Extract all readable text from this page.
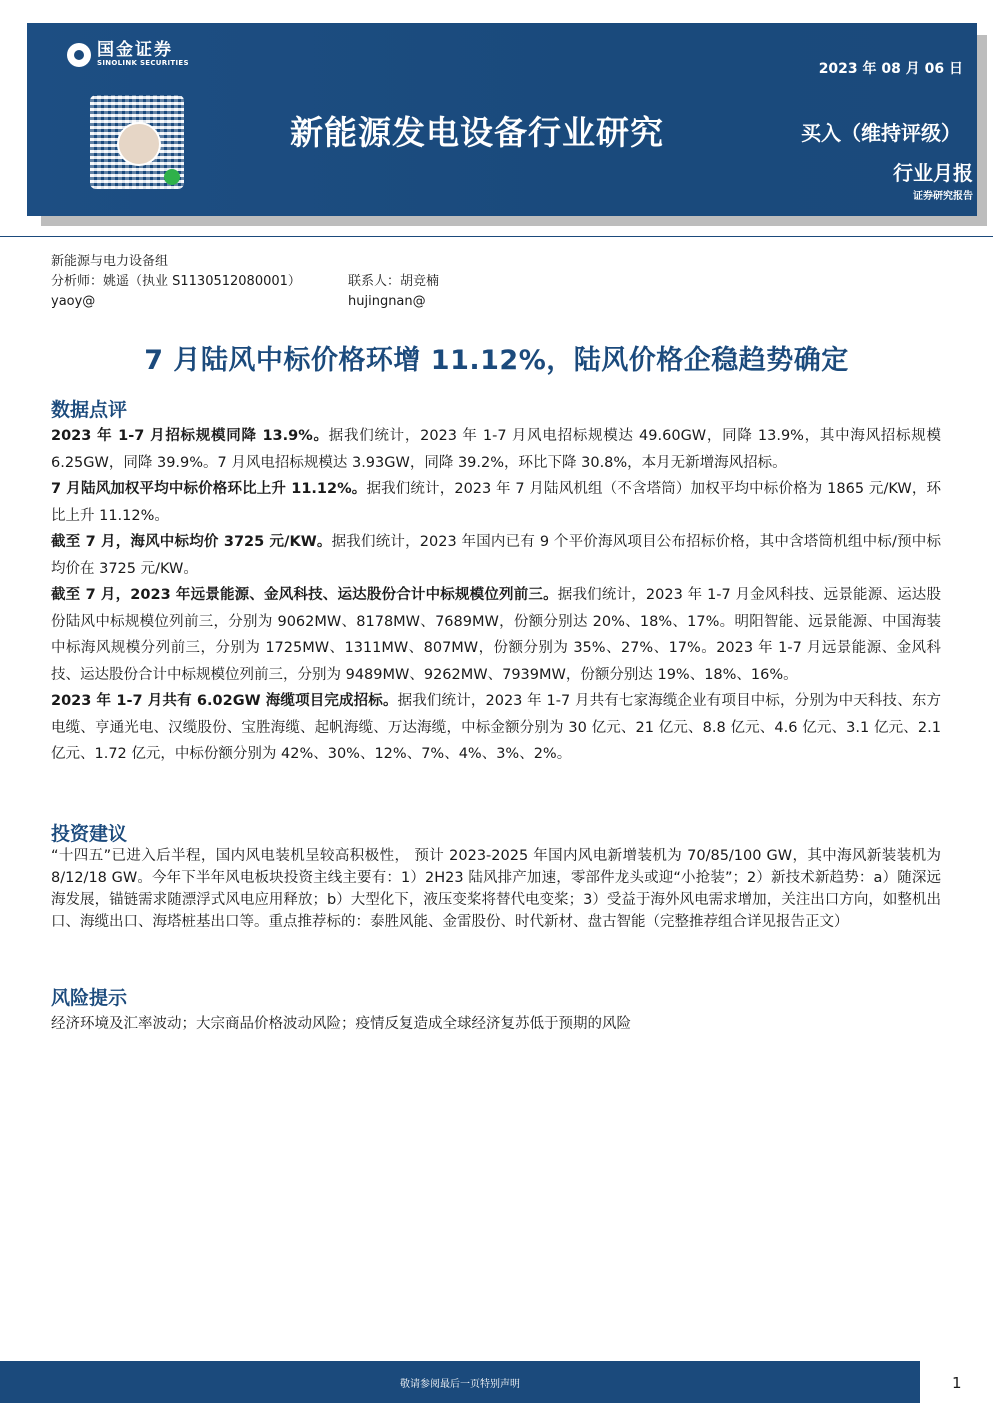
国金证券
SINOLINK SECURITIES
新能源发电设备行业研究
2023 年 08 月 06 日
买入（维持评级）
行业月报
证券研究报告
新能源与电力设备组
分析师：姚遥（执业 S1130512080001）	联系人：胡竞楠
yaoy@	hujingnan@
7 月陆风中标价格环增 11.12%，陆风价格企稳趋势确定
数据点评

2023 年 1-7 月招标规模同降 13.9%。据我们统计，2023 年 1-7 月风电招标规模达 49.60GW，同降 13.9%，其中海风招标规模 6.25GW，同降 39.9%。7 月风电招标规模达 3.93GW，同降 39.2%，环比下降 30.8%，本月无新增海风招标。

7 月陆风加权平均中标价格环比上升 11.12%。据我们统计，2023 年 7 月陆风机组（不含塔筒）加权平均中标价格为 1865 元/KW，环比上升 11.12%。

截至 7 月，海风中标均价 3725 元/KW。据我们统计，2023 年国内已有 9 个平价海风项目公布招标价格，其中含塔筒机组中标/预中标均价在 3725 元/KW。

截至 7 月，2023 年远景能源、金风科技、运达股份合计中标规模位列前三。据我们统计，2023 年 1-7 月金风科技、远景能源、运达股份陆风中标规模位列前三，分别为 9062MW、8178MW、7689MW，份额分别达 20%、18%、17%。明阳智能、远景能源、中国海装中标海风规模分列前三，分别为 1725MW、1311MW、807MW，份额分别为 35%、27%、17%。2023 年 1-7 月远景能源、金风科技、运达股份合计中标规模位列前三，分别为 9489MW、9262MW、7939MW，份额分别达 19%、18%、16%。

2023 年 1-7 月共有 6.02GW 海缆项目完成招标。据我们统计，2023 年 1-7 月共有七家海缆企业有项目中标，分别为中天科技、东方电缆、亨通光电、汉缆股份、宝胜海缆、起帆海缆、万达海缆，中标金额分别为 30 亿元、21 亿元、8.8 亿元、4.6 亿元、3.1 亿元、2.1 亿元、1.72 亿元，中标份额分别为 42%、30%、12%、7%、4%、3%、2%。

投资建议

“十四五”已进入后半程，国内风电装机呈较高积极性， 预计 2023-2025 年国内风电新增装机为 70/85/100 GW，其中海风新装装机为 8/12/18 GW。今年下半年风电板块投资主线主要有：1）2H23 陆风排产加速，零部件龙头或迎“小抢装”；2）新技术新趋势：a）随深远海发展，锚链需求随漂浮式风电应用释放；b）大型化下，液压变桨将替代电变桨；3）受益于海外风电需求增加，关注出口方向，如整机出口、海缆出口、海塔桩基出口等。重点推荐标的：泰胜风能、金雷股份、时代新材、盘古智能（完整推荐组合详见报告正文）

风险提示

经济环境及汇率波动；大宗商品价格波动风险；疫情反复造成全球经济复苏低于预期的风险

敬请参阅最后一页特别声明	1
